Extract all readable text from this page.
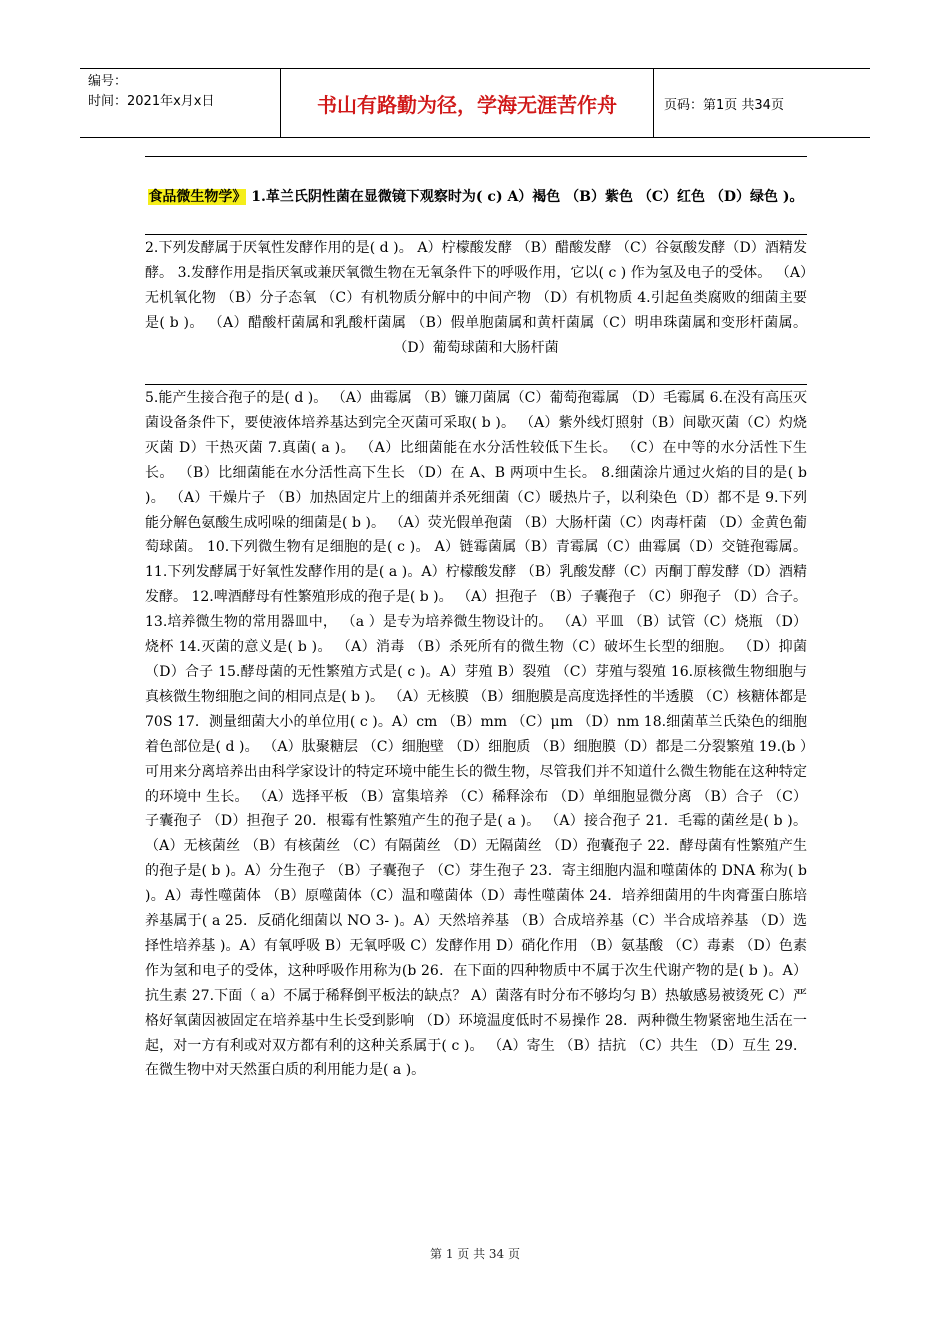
编号：
时间：2021年x月x日	书山有路勤为径，学海无涯苦作舟	页码：第1页 共34页

食品微生物学》 1.革兰氏阴性菌在显微镜下观察时为( c) A）褐色 （B）紫色 （C）红色 （D）绿色 )。

2.下列发酵属于厌氧性发酵作用的是( d )。 A）柠檬酸发酵 （B）醋酸发酵 （C）谷氨酸发酵（D）酒精发酵。 3.发酵作用是指厌氧或兼厌氧微生物在无氧条件下的呼吸作用，它以( c ) 作为氢及电子的受体。 （A）无机氧化物 （B）分子态氧 （C）有机物质分解中的中间产物 （D）有机物质 4.引起鱼类腐败的细菌主要是( b )。 （A）醋酸杆菌属和乳酸杆菌属 （B）假单胞菌属和黄杆菌属（C）明串珠菌属和变形杆菌属。 （D）葡萄球菌和大肠杆菌

5.能产生接合孢子的是( d )。 （A）曲霉属 （B）镰刀菌属（C）葡萄孢霉属 （D）毛霉属 6.在没有高压灭菌设备条件下，要使液体培养基达到完全灭菌可采取( b )。 （A）紫外线灯照射（B）间歇灭菌（C）灼烧灭菌 D）干热灭菌 7.真菌( a )。 （A）比细菌能在水分活性较低下生长。 （C）在中等的水分活性下生长。 （B）比细菌能在水分活性高下生长 （D）在 A、B 两项中生长。 8.细菌涂片通过火焰的目的是( b )。 （A）干燥片子 （B）加热固定片上的细菌并杀死细菌（C）暖热片子，以利染色（D）都不是 9.下列能分解色氨酸生成吲哚的细菌是( b )。 （A）荧光假单孢菌 （B）大肠杆菌（C）肉毒杆菌 （D）金黄色葡萄球菌。 10.下列微生物有足细胞的是( c )。 A）链霉菌属（B）青霉属（C）曲霉属（D）交链孢霉属。 11.下列发酵属于好氧性发酵作用的是( a )。A）柠檬酸发酵 （B）乳酸发酵（C）丙酮丁醇发酵（D）酒精发酵。 12.啤酒酵母有性繁殖形成的孢子是( b )。 （A）担孢子 （B）子囊孢子 （C）卵孢子 （D）合子。 13.培养微生物的常用器皿中， （a ）是专为培养微生物设计的。 （A）平皿 （B）试管（C）烧瓶 （D）烧杯 14.灭菌的意义是( b )。 （A）消毒 （B）杀死所有的微生物（C）破坏生长型的细胞。 （D）抑菌 （D）合子 15.酵母菌的无性繁殖方式是( c )。A）芽殖 B）裂殖 （C）芽殖与裂殖 16.原核微生物细胞与真核微生物细胞之间的相同点是( b )。 （A）无核膜 （B）细胞膜是高度选择性的半透膜 （C）核糖体都是 70S 17．测量细菌大小的单位用( c )。A）cm （B）mm （C）μm （D）nm 18.细菌革兰氏染色的细胞着色部位是( d )。 （A）肽聚糖层 （C）细胞壁 （D）细胞质 （B）细胞膜（D）都是二分裂繁殖 19.(b ）可用来分离培养出由科学家设计的特定环境中能生长的微生物，尽管我们并不知道什么微生物能在这种特定的环境中 生长。 （A）选择平板 （B）富集培养 （C）稀释涂布 （D）单细胞显微分离 （B）合子 （C）子囊孢子 （D）担孢子 20．根霉有性繁殖产生的孢子是( a )。 （A）接合孢子 21．毛霉的菌丝是( b )。 （A）无核菌丝 （B）有核菌丝 （C）有隔菌丝 （D）无隔菌丝 （D）孢囊孢子 22．酵母菌有性繁殖产生的孢子是( b )。A）分生孢子 （B）子囊孢子 （C）芽生孢子 23．寄主细胞内温和噬菌体的 DNA 称为( b )。A）毒性噬菌体 （B）原噬菌体（C）温和噬菌体（D）毒性噬菌体 24．培养细菌用的牛肉膏蛋白胨培养基属于( a 25．反硝化细菌以 NO 3- )。A）天然培养基 （B）合成培养基（C）半合成培养基 （D）选择性培养基 )。A）有氧呼吸 B）无氧呼吸 C）发酵作用 D）硝化作用 （B）氨基酸 （C）毒素 （D）色素 作为氢和电子的受体，这种呼吸作用称为(b 26．在下面的四种物质中不属于次生代谢产物的是( b )。A）抗生素 27.下面（ a）不属于稀释倒平板法的缺点？ A）菌落有时分布不够均匀 B）热敏感易被烫死 C）严格好氧菌因被固定在培养基中生长受到影响 （D）环境温度低时不易操作 28．两种微生物紧密地生活在一起，对一方有利或对双方都有利的这种关系属于( c )。 （A）寄生 （B）拮抗 （C）共生 （D）互生 29．在微生物中对天然蛋白质的利用能力是( a )。

第 1 页 共 34 页
